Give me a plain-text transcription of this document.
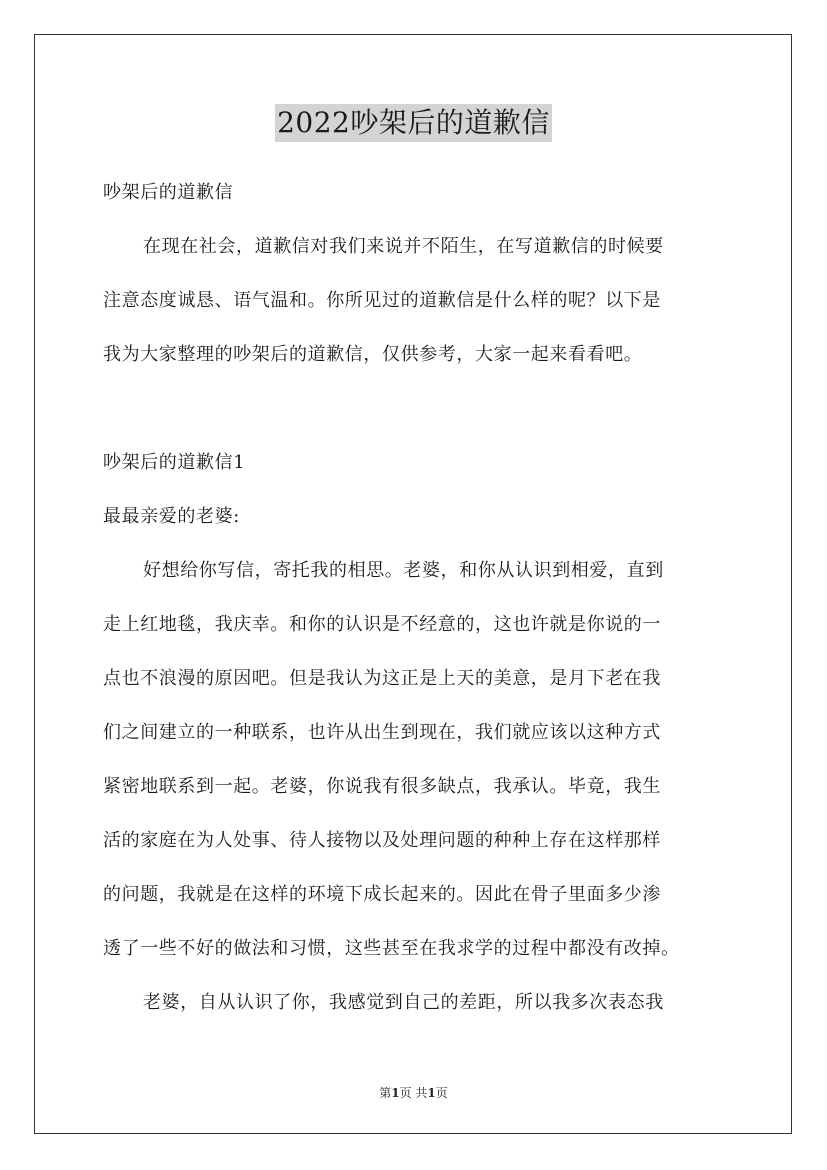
2022吵架后的道歉信
吵架后的道歉信
在现在社会，道歉信对我们来说并不陌生，在写道歉信的时候要
注意态度诚恳、语气温和。你所见过的道歉信是什么样的呢？以下是
我为大家整理的吵架后的道歉信，仅供参考，大家一起来看看吧。
吵架后的道歉信1
最最亲爱的老婆:
好想给你写信，寄托我的相思。老婆，和你从认识到相爱，直到
走上红地毯，我庆幸。和你的认识是不经意的，这也许就是你说的一
点也不浪漫的原因吧。但是我认为这正是上天的美意，是月下老在我
们之间建立的一种联系，也许从出生到现在，我们就应该以这种方式
紧密地联系到一起。老婆，你说我有很多缺点，我承认。毕竟，我生
活的家庭在为人处事、待人接物以及处理问题的种种上存在这样那样
的问题，我就是在这样的环境下成长起来的。因此在骨子里面多少渗
透了一些不好的做法和习惯，这些甚至在我求学的过程中都没有改掉。
老婆，自从认识了你，我感觉到自己的差距，所以我多次表态我
第1页 共1页
